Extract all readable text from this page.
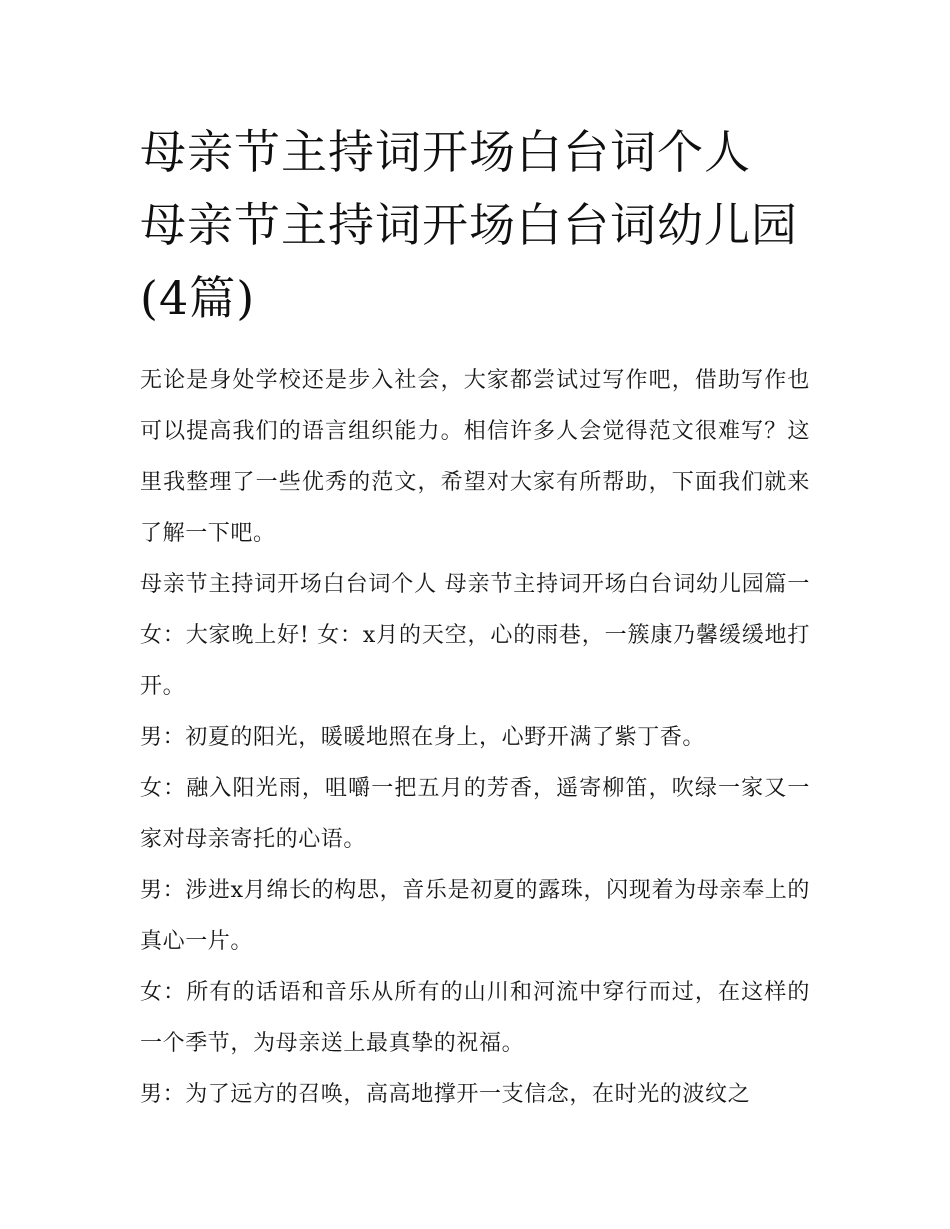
母亲节主持词开场白台词个人 母亲节主持词开场白台词幼儿园(4篇)

无论是身处学校还是步入社会，大家都尝试过写作吧，借助写作也可以提高我们的语言组织能力。相信许多人会觉得范文很难写？这里我整理了一些优秀的范文，希望对大家有所帮助，下面我们就来了解一下吧。

母亲节主持词开场白台词个人 母亲节主持词开场白台词幼儿园篇一 女：大家晚上好! 女：x月的天空，心的雨巷，一簇康乃馨缓缓地打开。

男：初夏的阳光，暖暖地照在身上，心野开满了紫丁香。

女：融入阳光雨，咀嚼一把五月的芳香，遥寄柳笛，吹绿一家又一家对母亲寄托的心语。

男：涉进x月绵长的构思，音乐是初夏的露珠，闪现着为母亲奉上的真心一片。

女：所有的话语和音乐从所有的山川和河流中穿行而过，在这样的一个季节，为母亲送上最真挚的祝福。

男：为了远方的召唤，高高地撑开一支信念，在时光的波纹之
